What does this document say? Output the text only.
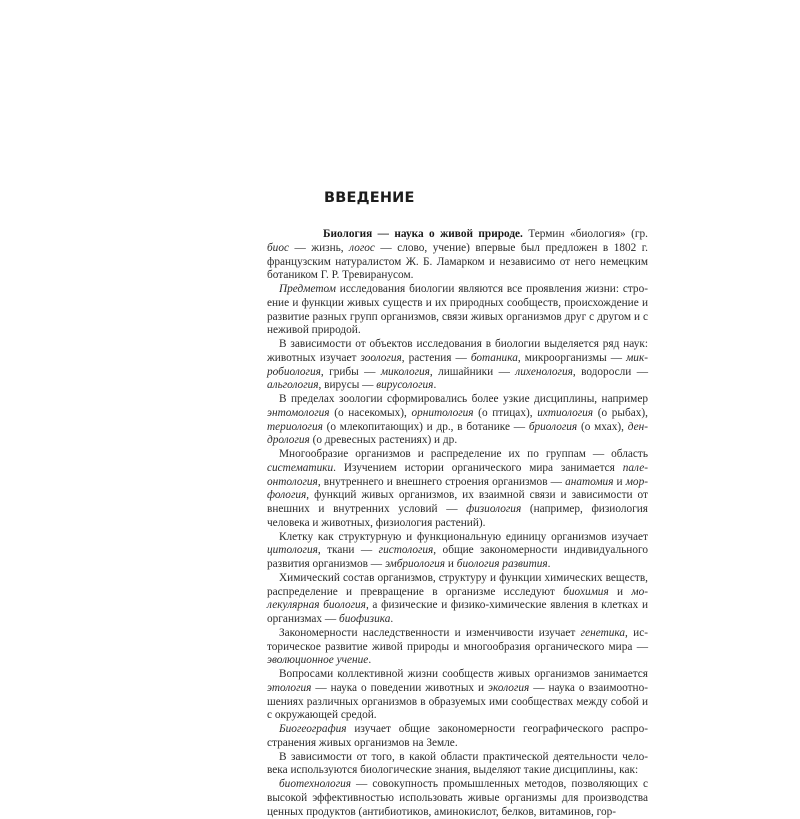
ВВЕДЕНИЕ

Биология — наука о живой природе. Термин «биология» (гр. биос — жизнь, логос — слово, учение) впервые был предложен в 1802 г. французским натуралистом Ж. Б. Ламарком и независимо от него немецким ботаником Г. Р. Тревиранусом.

Предметом исследования биологии являются все проявления жизни: строение и функции живых существ и их природных сообществ, происхождение и развитие разных групп организмов, связи живых организмов друг с другом и с неживой природой.

В зависимости от объектов исследования в биологии выделяется ряд наук: животных изучает зоология, растения — ботаника, микроорганизмы — микробиология, грибы — микология, лишайники — лихенология, водоросли — альгология, вирусы — вирусология.

В пределах зоологии сформировались более узкие дисциплины, например энтомология (о насекомых), орнитология (о птицах), ихтиология (о рыбах), териология (о млекопитающих) и др., в ботанике — бриология (о мхах), дендрология (о древесных растениях) и др.

Многообразие организмов и распределение их по группам — область систематики. Изучением истории органического мира занимается палеонтология, внутреннего и внешнего строения организмов — анатомия и морфология, функций живых организмов, их взаимной связи и зависимости от внешних и внутренних условий — физиология (например, физиология человека и животных, физиология растений).

Клетку как структурную и функциональную единицу организмов изучает цитология, ткани — гистология, общие закономерности индивидуального развития организмов — эмбриология и биология развития.

Химический состав организмов, структуру и функции химических веществ, распределение и превращение в организме исследуют биохимия и молекулярная биология, а физические и физико-химические явления в клетках и организмах — биофизика.

Закономерности наследственности и изменчивости изучает генетика, историческое развитие живой природы и многообразия органического мира — эволюционное учение.

Вопросами коллективной жизни сообществ живых организмов занимается этология — наука о поведении животных и экология — наука о взаимоотношениях различных организмов в образуемых ими сообществах между собой и с окружающей средой.

Биогеография изучает общие закономерности географического распространения живых организмов на Земле.

В зависимости от того, в какой области практической деятельности человека используются биологические знания, выделяют такие дисциплины, как:

биотехнология — совокупность промышленных методов, позволяющих с высокой эффективностью использовать живые организмы для производства ценных продуктов (антибиотиков, аминокислот, белков, витаминов, гор-
